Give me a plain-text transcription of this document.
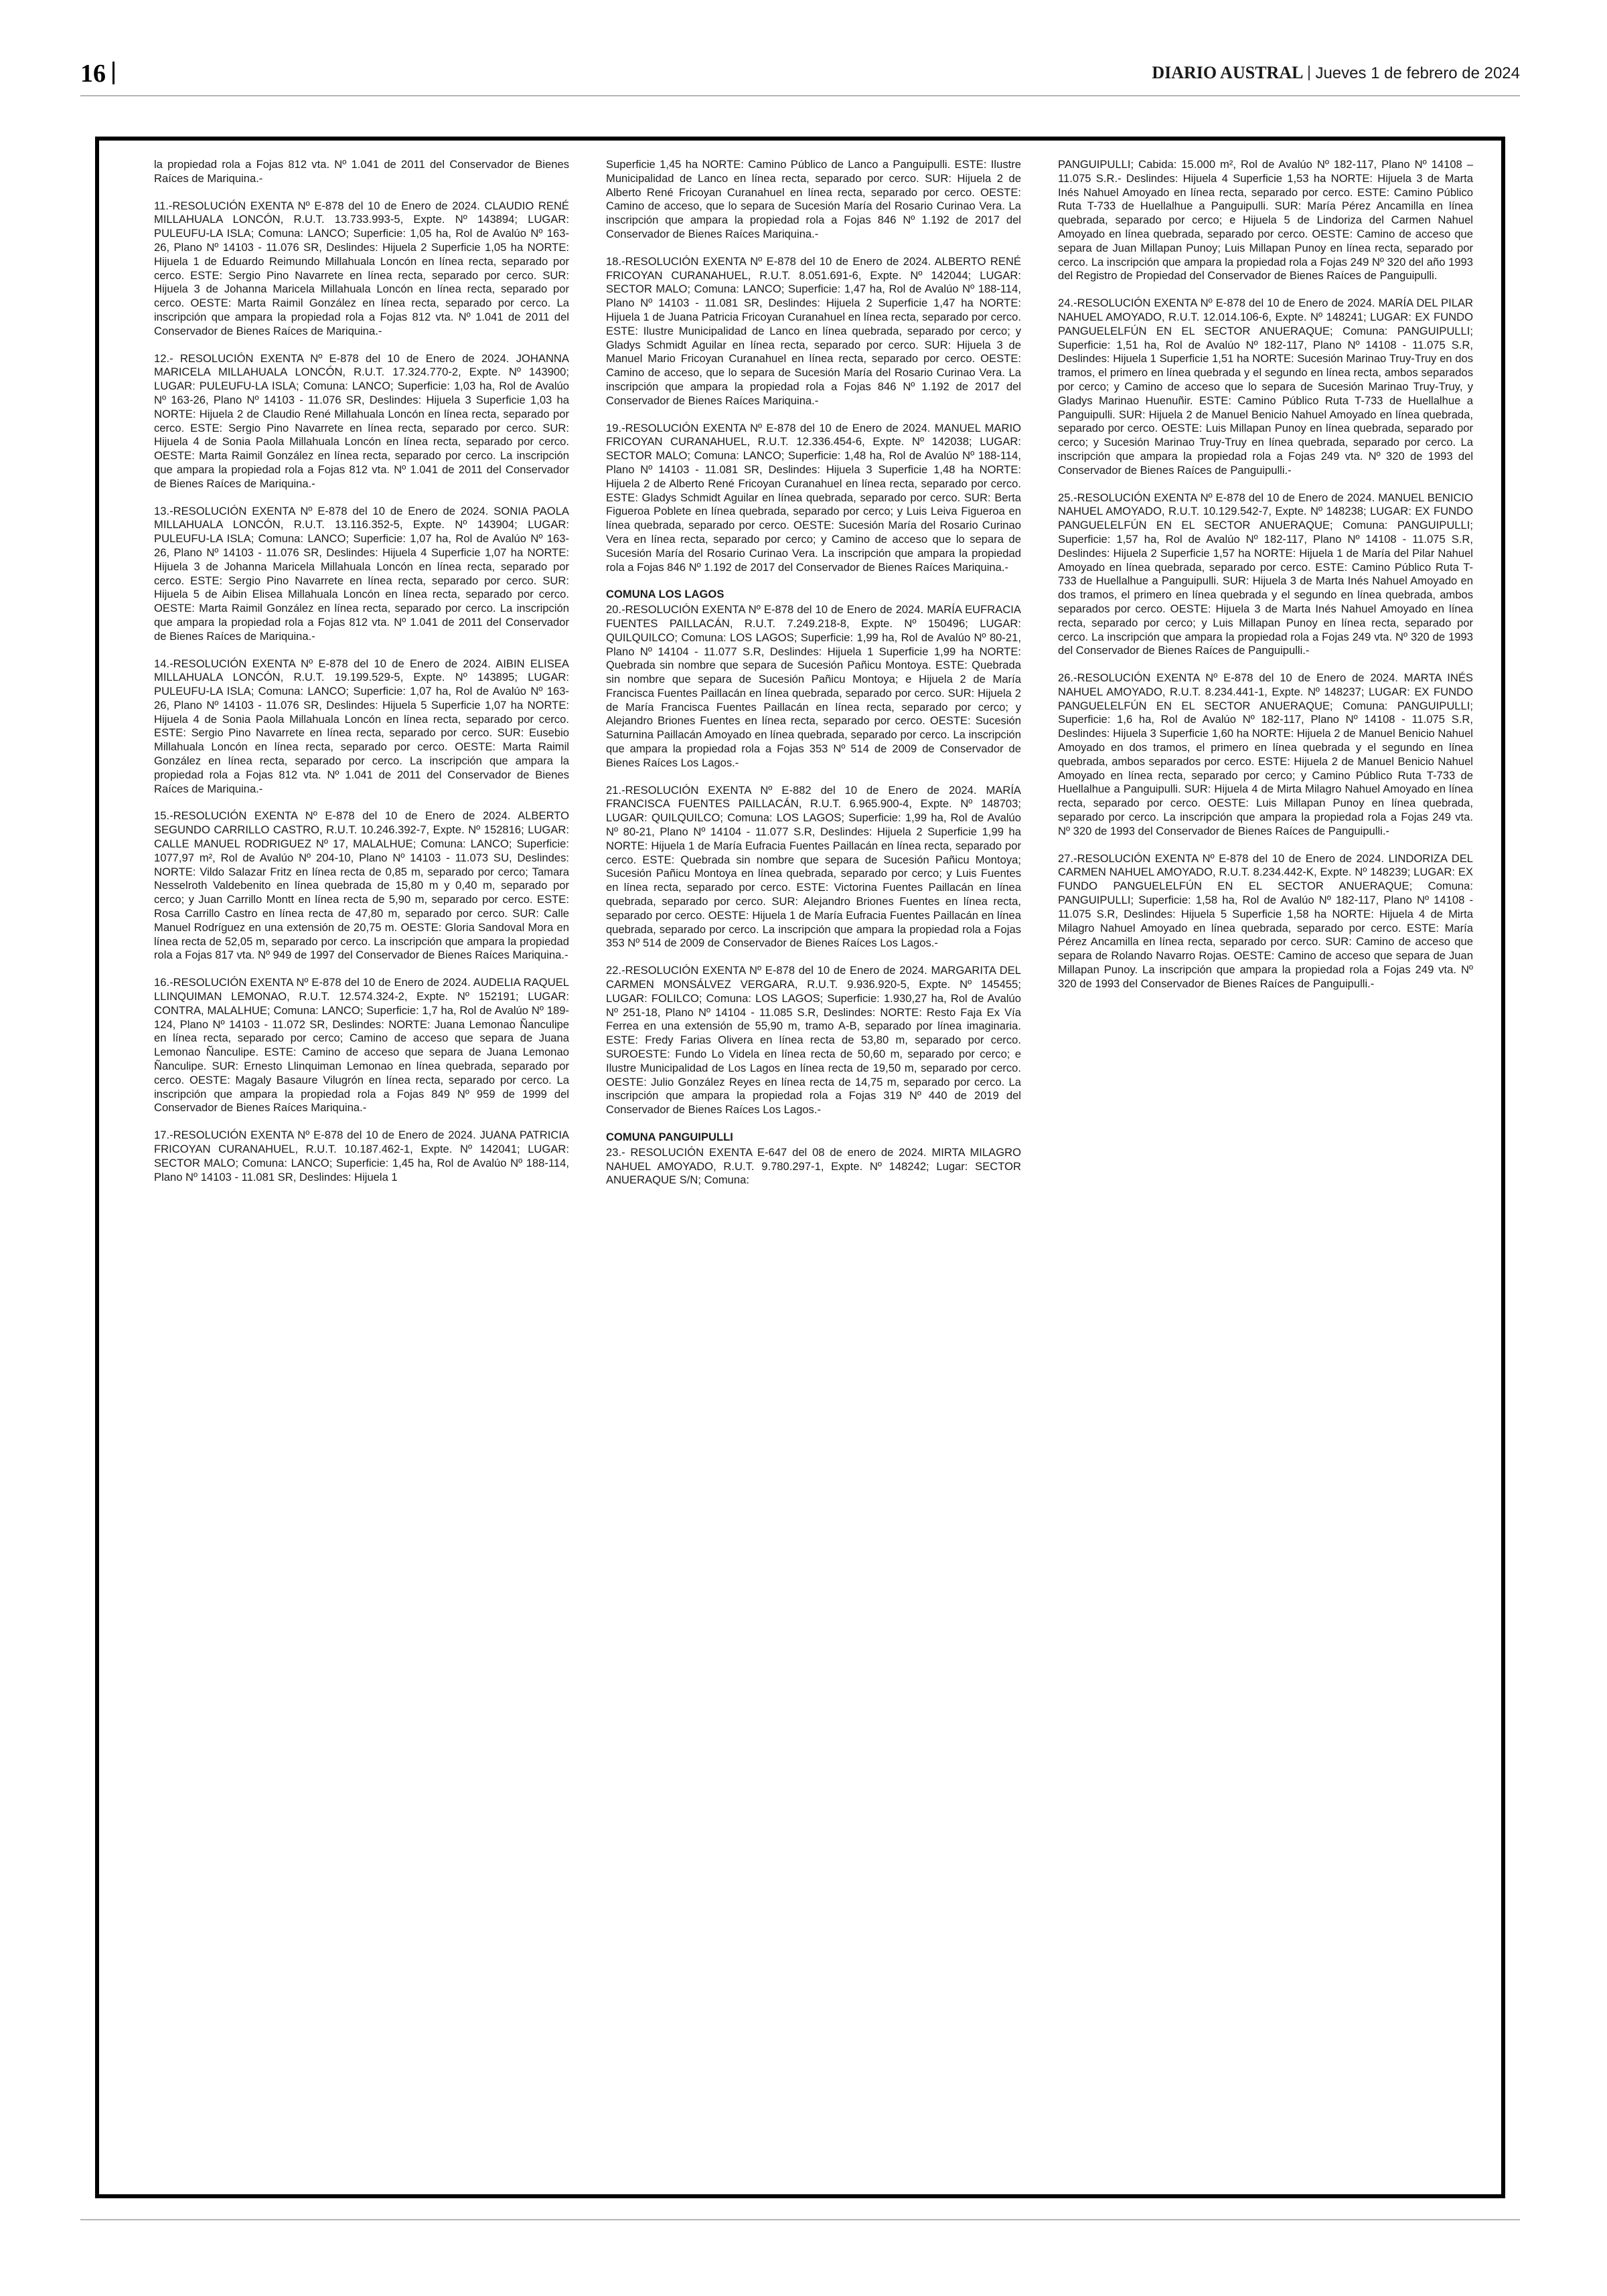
16	DIARIO AUSTRAL Jueves 1 de febrero de 2024
la propiedad rola a Fojas 812 vta. Nº 1.041 de 2011 del Conservador de Bienes Raíces de Mariquina.-
11.-RESOLUCIÓN EXENTA Nº E-878 del 10 de Enero de 2024. CLAUDIO RENÉ MILLAHUALA LONCÓN, R.U.T. 13.733.993-5, Expte. Nº 143894; LUGAR: PULEUFU-LA ISLA; Comuna: LANCO; Superficie: 1,05 ha, Rol de Avalúo Nº 163-26, Plano Nº 14103 - 11.076 SR, Deslindes: Hijuela 2 Superficie 1,05 ha NORTE: Hijuela 1 de Eduardo Reimundo Millahuala Loncón en línea recta, separado por cerco. ESTE: Sergio Pino Navarrete en línea recta, separado por cerco. SUR: Hijuela 3 de Johanna Maricela Millahuala Loncón en línea recta, separado por cerco. OESTE: Marta Raimil González en línea recta, separado por cerco. La inscripción que ampara la propiedad rola a Fojas 812 vta. Nº 1.041 de 2011 del Conservador de Bienes Raíces de Mariquina.-
12.- RESOLUCIÓN EXENTA Nº E-878 del 10 de Enero de 2024. JOHANNA MARICELA MILLAHUALA LONCÓN, R.U.T. 17.324.770-2, Expte. Nº 143900; LUGAR: PULEUFU-LA ISLA; Comuna: LANCO; Superficie: 1,03 ha, Rol de Avalúo Nº 163-26, Plano Nº 14103 - 11.076 SR, Deslindes: Hijuela 3 Superficie 1,03 ha NORTE: Hijuela 2 de Claudio René Millahuala Loncón en línea recta, separado por cerco. ESTE: Sergio Pino Navarrete en línea recta, separado por cerco. SUR: Hijuela 4 de Sonia Paola Millahuala Loncón en línea recta, separado por cerco. OESTE: Marta Raimil González en línea recta, separado por cerco. La inscripción que ampara la propiedad rola a Fojas 812 vta. Nº 1.041 de 2011 del Conservador de Bienes Raíces de Mariquina.-
13.-RESOLUCIÓN EXENTA Nº E-878 del 10 de Enero de 2024. SONIA PAOLA MILLAHUALA LONCÓN, R.U.T. 13.116.352-5, Expte. Nº 143904; LUGAR: PULEUFU-LA ISLA; Comuna: LANCO; Superficie: 1,07 ha, Rol de Avalúo Nº 163-26, Plano Nº 14103 - 11.076 SR, Deslindes: Hijuela 4 Superficie 1,07 ha NORTE: Hijuela 3 de Johanna Maricela Millahuala Loncón en línea recta, separado por cerco. ESTE: Sergio Pino Navarrete en línea recta, separado por cerco. SUR: Hijuela 5 de Aibin Elisea Millahuala Loncón en línea recta, separado por cerco. OESTE: Marta Raimil González en línea recta, separado por cerco. La inscripción que ampara la propiedad rola a Fojas 812 vta. Nº 1.041 de 2011 del Conservador de Bienes Raíces de Mariquina.-
14.-RESOLUCIÓN EXENTA Nº E-878 del 10 de Enero de 2024. AIBIN ELISEA MILLAHUALA LONCÓN, R.U.T. 19.199.529-5, Expte. Nº 143895; LUGAR: PULEUFU-LA ISLA; Comuna: LANCO; Superficie: 1,07 ha, Rol de Avalúo Nº 163-26, Plano Nº 14103 - 11.076 SR, Deslindes: Hijuela 5 Superficie 1,07 ha NORTE: Hijuela 4 de Sonia Paola Millahuala Loncón en línea recta, separado por cerco. ESTE: Sergio Pino Navarrete en línea recta, separado por cerco. SUR: Eusebio Millahuala Loncón en línea recta, separado por cerco. OESTE: Marta Raimil González en línea recta, separado por cerco. La inscripción que ampara la propiedad rola a Fojas 812 vta. Nº 1.041 de 2011 del Conservador de Bienes Raíces de Mariquina.-
15.-RESOLUCIÓN EXENTA Nº E-878 del 10 de Enero de 2024. ALBERTO SEGUNDO CARRILLO CASTRO, R.U.T. 10.246.392-7, Expte. Nº 152816; LUGAR: CALLE MANUEL RODRIGUEZ Nº 17, MALALHUE; Comuna: LANCO; Superficie: 1077,97 m², Rol de Avalúo Nº 204-10, Plano Nº 14103 - 11.073 SU, Deslindes: NORTE: Vildo Salazar Fritz en línea recta de 0,85 m, separado por cerco; Tamara Nesselroth Valdebenito en línea quebrada de 15,80 m y 0,40 m, separado por cerco; y Juan Carrillo Montt en línea recta de 5,90 m, separado por cerco. ESTE: Rosa Carrillo Castro en línea recta de 47,80 m, separado por cerco. SUR: Calle Manuel Rodríguez en una extensión de 20,75 m. OESTE: Gloria Sandoval Mora en línea recta de 52,05 m, separado por cerco. La inscripción que ampara la propiedad rola a Fojas 817 vta. Nº 949 de 1997 del Conservador de Bienes Raíces Mariquina.-
16.-RESOLUCIÓN EXENTA Nº E-878 del 10 de Enero de 2024. AUDELIA RAQUEL LLINQUIMAN LEMONAO, R.U.T. 12.574.324-2, Expte. Nº 152191; LUGAR: CONTRA, MALALHUE; Comuna: LANCO; Superficie: 1,7 ha, Rol de Avalúo Nº 189-124, Plano Nº 14103 - 11.072 SR, Deslindes: NORTE: Juana Lemonao Ñanculipe en línea recta, separado por cerco; Camino de acceso que separa de Juana Lemonao Ñanculipe. ESTE: Camino de acceso que separa de Juana Lemonao Ñanculipe. SUR: Ernesto Llinquiman Lemonao en línea quebrada, separado por cerco. OESTE: Magaly Basaure Vilugrón en línea recta, separado por cerco. La inscripción que ampara la propiedad rola a Fojas 849 Nº 959 de 1999 del Conservador de Bienes Raíces Mariquina.-
17.-RESOLUCIÓN EXENTA Nº E-878 del 10 de Enero de 2024. JUANA PATRICIA FRICOYAN CURANAHUEL, R.U.T. 10.187.462-1, Expte. Nº 142041; LUGAR: SECTOR MALO; Comuna: LANCO; Superficie: 1,45 ha, Rol de Avalúo Nº 188-114, Plano Nº 14103 - 11.081 SR, Deslindes: Hijuela 1
Superficie 1,45 ha NORTE: Camino Público de Lanco a Panguipulli. ESTE: Ilustre Municipalidad de Lanco en línea recta, separado por cerco. SUR: Hijuela 2 de Alberto René Fricoyan Curanahuel en línea recta, separado por cerco. OESTE: Camino de acceso, que lo separa de Sucesión María del Rosario Curinao Vera. La inscripción que ampara la propiedad rola a Fojas 846 Nº 1.192 de 2017 del Conservador de Bienes Raíces Mariquina.-
18.-RESOLUCIÓN EXENTA Nº E-878 del 10 de Enero de 2024. ALBERTO RENÉ FRICOYAN CURANAHUEL, R.U.T. 8.051.691-6, Expte. Nº 142044; LUGAR: SECTOR MALO; Comuna: LANCO; Superficie: 1,47 ha, Rol de Avalúo Nº 188-114, Plano Nº 14103 - 11.081 SR, Deslindes: Hijuela 2 Superficie 1,47 ha NORTE: Hijuela 1 de Juana Patricia Fricoyan Curanahuel en línea recta, separado por cerco. ESTE: Ilustre Municipalidad de Lanco en línea quebrada, separado por cerco; y Gladys Schmidt Aguilar en línea recta, separado por cerco. SUR: Hijuela 3 de Manuel Mario Fricoyan Curanahuel en línea recta, separado por cerco. OESTE: Camino de acceso, que lo separa de Sucesión María del Rosario Curinao Vera. La inscripción que ampara la propiedad rola a Fojas 846 Nº 1.192 de 2017 del Conservador de Bienes Raíces Mariquina.-
19.-RESOLUCIÓN EXENTA Nº E-878 del 10 de Enero de 2024. MANUEL MARIO FRICOYAN CURANAHUEL, R.U.T. 12.336.454-6, Expte. Nº 142038; LUGAR: SECTOR MALO; Comuna: LANCO; Superficie: 1,48 ha, Rol de Avalúo Nº 188-114, Plano Nº 14103 - 11.081 SR, Deslindes: Hijuela 3 Superficie 1,48 ha NORTE: Hijuela 2 de Alberto René Fricoyan Curanahuel en línea recta, separado por cerco. ESTE: Gladys Schmidt Aguilar en línea quebrada, separado por cerco. SUR: Berta Figueroa Poblete en línea quebrada, separado por cerco; y Luis Leiva Figueroa en línea quebrada, separado por cerco. OESTE: Sucesión María del Rosario Curinao Vera en línea recta, separado por cerco; y Camino de acceso que lo separa de Sucesión María del Rosario Curinao Vera. La inscripción que ampara la propiedad rola a Fojas 846 Nº 1.192 de 2017 del Conservador de Bienes Raíces Mariquina.-
COMUNA LOS LAGOS
20.-RESOLUCIÓN EXENTA Nº E-878 del 10 de Enero de 2024. MARÍA EUFRACIA FUENTES PAILLACÁN, R.U.T. 7.249.218-8, Expte. Nº 150496; LUGAR: QUILQUILCO; Comuna: LOS LAGOS; Superficie: 1,99 ha, Rol de Avalúo Nº 80-21, Plano Nº 14104 - 11.077 S.R, Deslindes: Hijuela 1 Superficie 1,99 ha NORTE: Quebrada sin nombre que separa de Sucesión Pañicu Montoya. ESTE: Quebrada sin nombre que separa de Sucesión Pañicu Montoya; e Hijuela 2 de María Francisca Fuentes Paillacán en línea quebrada, separado por cerco. SUR: Hijuela 2 de María Francisca Fuentes Paillacán en línea recta, separado por cerco; y Alejandro Briones Fuentes en línea recta, separado por cerco. OESTE: Sucesión Saturnina Paillacán Amoyado en línea quebrada, separado por cerco. La inscripción que ampara la propiedad rola a Fojas 353 Nº 514 de 2009 de Conservador de Bienes Raíces Los Lagos.-
21.-RESOLUCIÓN EXENTA Nº E-882 del 10 de Enero de 2024. MARÍA FRANCISCA FUENTES PAILLACÁN, R.U.T. 6.965.900-4, Expte. Nº 148703; LUGAR: QUILQUILCO; Comuna: LOS LAGOS; Superficie: 1,99 ha, Rol de Avalúo Nº 80-21, Plano Nº 14104 - 11.077 S.R, Deslindes: Hijuela 2 Superficie 1,99 ha NORTE: Hijuela 1 de María Eufracia Fuentes Paillacán en línea recta, separado por cerco. ESTE: Quebrada sin nombre que separa de Sucesión Pañicu Montoya; Sucesión Pañicu Montoya en línea quebrada, separado por cerco; y Luis Fuentes en línea recta, separado por cerco. ESTE: Victorina Fuentes Paillacán en línea quebrada, separado por cerco. SUR: Alejandro Briones Fuentes en línea recta, separado por cerco. OESTE: Hijuela 1 de María Eufracia Fuentes Paillacán en línea quebrada, separado por cerco. La inscripción que ampara la propiedad rola a Fojas 353 Nº 514 de 2009 de Conservador de Bienes Raíces Los Lagos.-
22.-RESOLUCIÓN EXENTA Nº E-878 del 10 de Enero de 2024. MARGARITA DEL CARMEN MONSÁLVEZ VERGARA, R.U.T. 9.936.920-5, Expte. Nº 145455; LUGAR: FOLILCO; Comuna: LOS LAGOS; Superficie: 1.930,27 ha, Rol de Avalúo Nº 251-18, Plano Nº 14104 - 11.085 S.R, Deslindes: NORTE: Resto Faja Ex Vía Ferrea en una extensión de 55,90 m, tramo A-B, separado por línea imaginaria. ESTE: Fredy Farias Olivera en línea recta de 53,80 m, separado por cerco. SUROESTE: Fundo Lo Videla en línea recta de 50,60 m, separado por cerco; e Ilustre Municipalidad de Los Lagos en línea recta de 19,50 m, separado por cerco. OESTE: Julio González Reyes en línea recta de 14,75 m, separado por cerco. La inscripción que ampara la propiedad rola a Fojas 319 Nº 440 de 2019 del Conservador de Bienes Raíces Los Lagos.-
COMUNA PANGUIPULLI
23.- RESOLUCIÓN EXENTA E-647 del 08 de enero de 2024. MIRTA MILAGRO NAHUEL AMOYADO, R.U.T. 9.780.297-1, Expte. Nº 148242; Lugar: SECTOR ANUERAQUE S/N; Comuna:
PANGUIPULLI; Cabida: 15.000 m², Rol de Avalúo Nº 182-117, Plano Nº 14108 – 11.075 S.R.- Deslindes: Hijuela 4 Superficie 1,53 ha NORTE: Hijuela 3 de Marta Inés Nahuel Amoyado en línea recta, separado por cerco. ESTE: Camino Público Ruta T-733 de Huellalhue a Panguipulli. SUR: María Pérez Ancamilla en línea quebrada, separado por cerco; e Hijuela 5 de Lindoriza del Carmen Nahuel Amoyado en línea quebrada, separado por cerco. OESTE: Camino de acceso que separa de Juan Millapan Punoy; Luis Millapan Punoy en línea recta, separado por cerco. La inscripción que ampara la propiedad rola a Fojas 249 Nº 320 del año 1993 del Registro de Propiedad del Conservador de Bienes Raíces de Panguipulli.
24.-RESOLUCIÓN EXENTA Nº E-878 del 10 de Enero de 2024. MARÍA DEL PILAR NAHUEL AMOYADO, R.U.T. 12.014.106-6, Expte. Nº 148241; LUGAR: EX FUNDO PANGUELELFÚN EN EL SECTOR ANUERAQUE; Comuna: PANGUIPULLI; Superficie: 1,51 ha, Rol de Avalúo Nº 182-117, Plano Nº 14108 - 11.075 S.R, Deslindes: Hijuela 1 Superficie 1,51 ha NORTE: Sucesión Marinao Truy-Truy en dos tramos, el primero en línea quebrada y el segundo en línea recta, ambos separados por cerco; y Camino de acceso que lo separa de Sucesión Marinao Truy-Truy, y Gladys Marinao Huenuñir. ESTE: Camino Público Ruta T-733 de Huellalhue a Panguipulli. SUR: Hijuela 2 de Manuel Benicio Nahuel Amoyado en línea quebrada, separado por cerco. OESTE: Luis Millapan Punoy en línea quebrada, separado por cerco; y Sucesión Marinao Truy-Truy en línea quebrada, separado por cerco. La inscripción que ampara la propiedad rola a Fojas 249 vta. Nº 320 de 1993 del Conservador de Bienes Raíces de Panguipulli.-
25.-RESOLUCIÓN EXENTA Nº E-878 del 10 de Enero de 2024. MANUEL BENICIO NAHUEL AMOYADO, R.U.T. 10.129.542-7, Expte. Nº 148238; LUGAR: EX FUNDO PANGUELELFÚN EN EL SECTOR ANUERAQUE; Comuna: PANGUIPULLI; Superficie: 1,57 ha, Rol de Avalúo Nº 182-117, Plano Nº 14108 - 11.075 S.R, Deslindes: Hijuela 2 Superficie 1,57 ha NORTE: Hijuela 1 de María del Pilar Nahuel Amoyado en línea quebrada, separado por cerco. ESTE: Camino Público Ruta T-733 de Huellalhue a Panguipulli. SUR: Hijuela 3 de Marta Inés Nahuel Amoyado en dos tramos, el primero en línea quebrada y el segundo en línea quebrada, ambos separados por cerco. OESTE: Hijuela 3 de Marta Inés Nahuel Amoyado en línea recta, separado por cerco; y Luis Millapan Punoy en línea recta, separado por cerco. La inscripción que ampara la propiedad rola a Fojas 249 vta. Nº 320 de 1993 del Conservador de Bienes Raíces de Panguipulli.-
26.-RESOLUCIÓN EXENTA Nº E-878 del 10 de Enero de 2024. MARTA INÉS NAHUEL AMOYADO, R.U.T. 8.234.441-1, Expte. Nº 148237; LUGAR: EX FUNDO PANGUELELFÚN EN EL SECTOR ANUERAQUE; Comuna: PANGUIPULLI; Superficie: 1,6 ha, Rol de Avalúo Nº 182-117, Plano Nº 14108 - 11.075 S.R, Deslindes: Hijuela 3 Superficie 1,60 ha NORTE: Hijuela 2 de Manuel Benicio Nahuel Amoyado en dos tramos, el primero en línea quebrada y el segundo en línea quebrada, ambos separados por cerco. ESTE: Hijuela 2 de Manuel Benicio Nahuel Amoyado en línea recta, separado por cerco; y Camino Público Ruta T-733 de Huellalhue a Panguipulli. SUR: Hijuela 4 de Mirta Milagro Nahuel Amoyado en línea recta, separado por cerco. OESTE: Luis Millapan Punoy en línea quebrada, separado por cerco. La inscripción que ampara la propiedad rola a Fojas 249 vta. Nº 320 de 1993 del Conservador de Bienes Raíces de Panguipulli.-
27.-RESOLUCIÓN EXENTA Nº E-878 del 10 de Enero de 2024. LINDORIZA DEL CARMEN NAHUEL AMOYADO, R.U.T. 8.234.442-K, Expte. Nº 148239; LUGAR: EX FUNDO PANGUELELFÚN EN EL SECTOR ANUERAQUE; Comuna: PANGUIPULLI; Superficie: 1,58 ha, Rol de Avalúo Nº 182-117, Plano Nº 14108 - 11.075 S.R, Deslindes: Hijuela 5 Superficie 1,58 ha NORTE: Hijuela 4 de Mirta Milagro Nahuel Amoyado en línea quebrada, separado por cerco. ESTE: María Pérez Ancamilla en línea recta, separado por cerco. SUR: Camino de acceso que separa de Rolando Navarro Rojas. OESTE: Camino de acceso que separa de Juan Millapan Punoy. La inscripción que ampara la propiedad rola a Fojas 249 vta. Nº 320 de 1993 del Conservador de Bienes Raíces de Panguipulli.-
